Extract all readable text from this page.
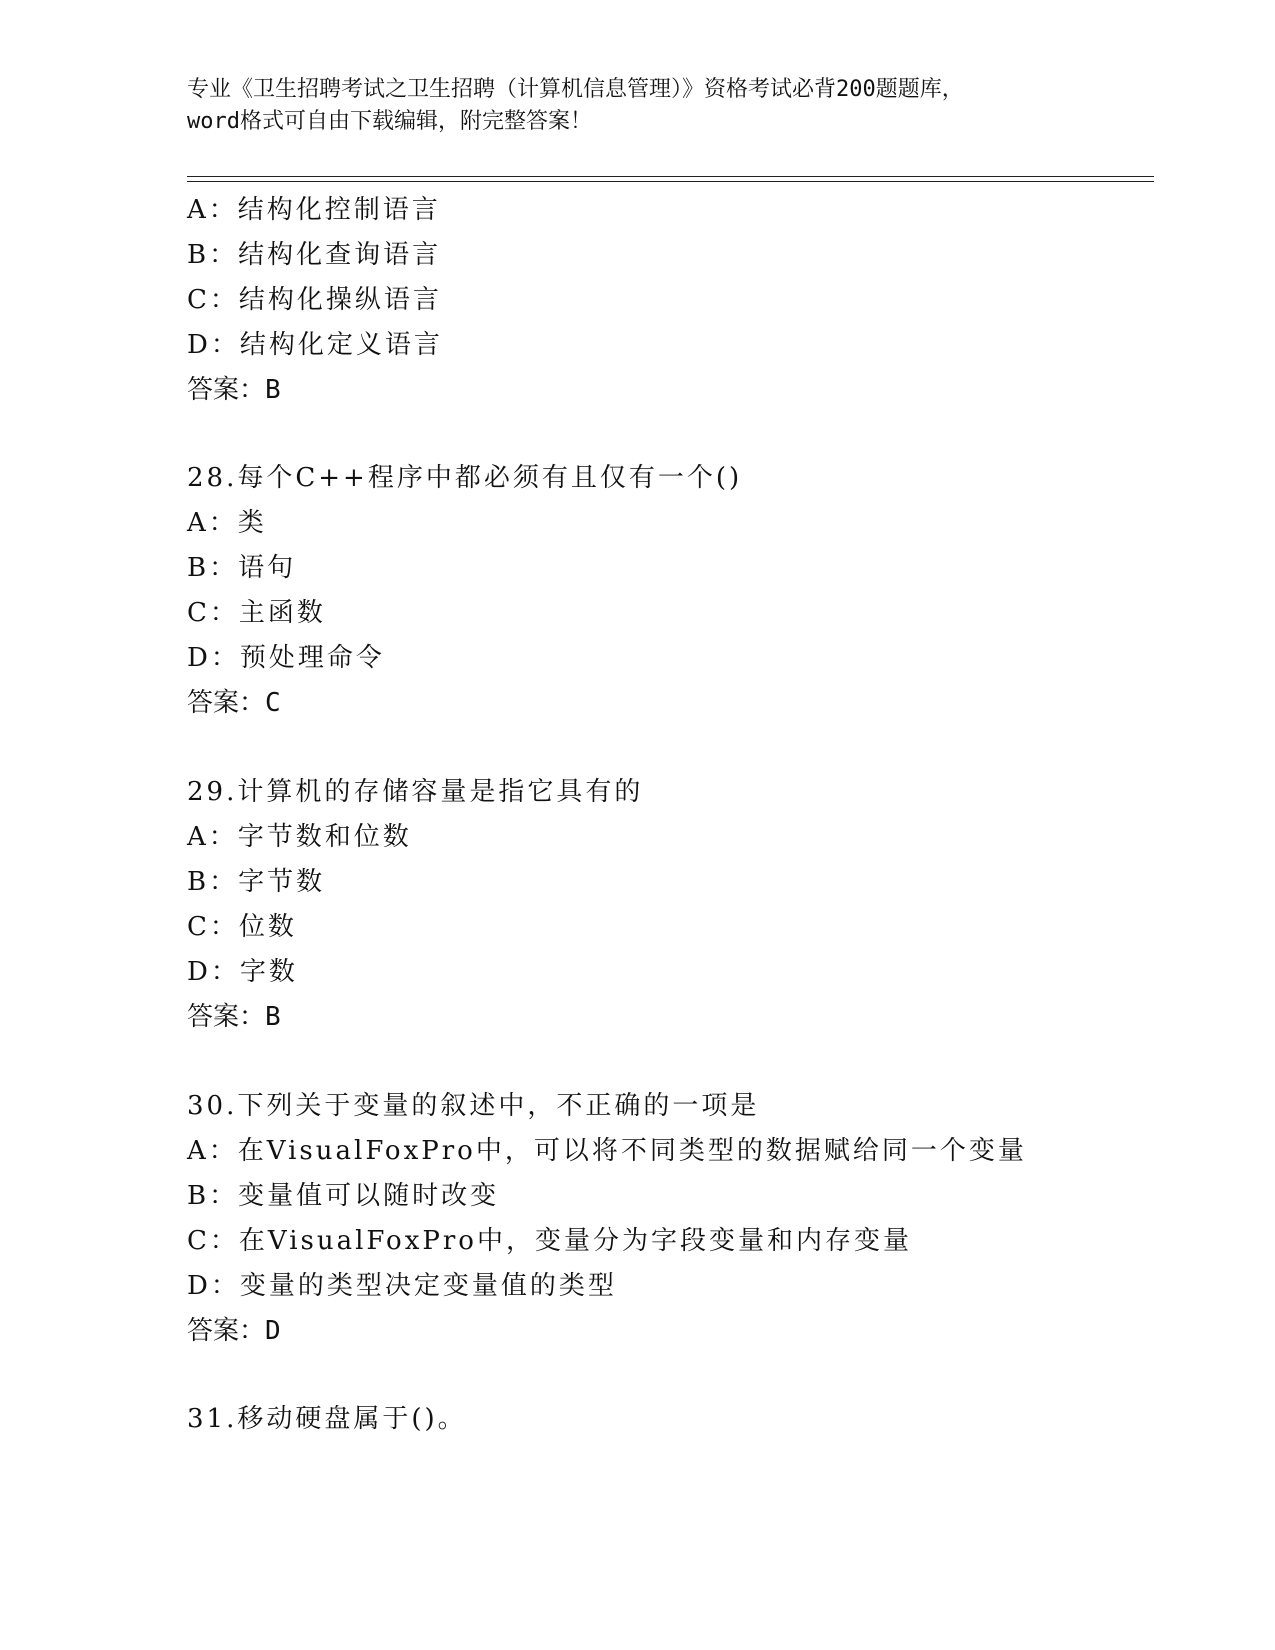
专业《卫生招聘考试之卫生招聘（计算机信息管理）》资格考试必背200题题库，
word格式可自由下载编辑，附完整答案！
A：结构化控制语言
B：结构化查询语言
C：结构化操纵语言
D：结构化定义语言
答案：B
28.每个C++程序中都必须有且仅有一个()
A：类
B：语句
C：主函数
D：预处理命令
答案：C
29.计算机的存储容量是指它具有的
A：字节数和位数
B：字节数
C：位数
D：字数
答案：B
30.下列关于变量的叙述中，不正确的一项是
A：在VisualFoxPro中，可以将不同类型的数据赋给同一个变量
B：变量值可以随时改变
C：在VisualFoxPro中，变量分为字段变量和内存变量
D：变量的类型决定变量值的类型
答案：D
31.移动硬盘属于()。
